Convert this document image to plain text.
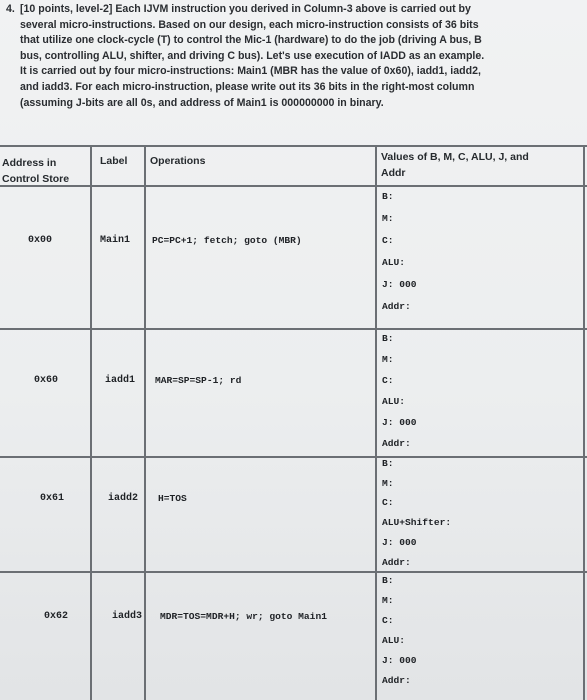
4. [10 points, level-2] Each IJVM instruction you derived in Column-3 above is carried out by
several micro-instructions. Based on our design, each micro-instruction consists of 36 bits
that utilize one clock-cycle (T) to control the Mic-1 (hardware) to do the job (driving A bus, B
bus, controlling ALU, shifter, and driving C bus). Let's use execution of IADD as an example.
It is carried out by four micro-instructions: Main1 (MBR has the value of 0x60), iadd1, iadd2,
and iadd3. For each micro-instruction, please write out its 36 bits in the right-most column
(assuming J-bits are all 0s, and address of Main1 is 000000000 in binary.
Address in
Control Store
Label Operations	Values of B, M, C, ALU, J, and
Addr
0x00	Main1 PC=PC+1; fetch; goto (MBR)
B:
M:
C:
ALU:
J: 000
Addr:
0x60	iadd1 MAR=SP=SP-1; rd
B:
M:
C:
ALU:
J: 000
Addr:
0x61	iadd2 H=TOS
B:
M:
C:
ALU+Shifter:
J: 000
Addr:
0x62	iadd3 MDR=TOS=MDR+H; wr; goto Main1
B:
M:
C:
ALU:
J: 000
Addr:
